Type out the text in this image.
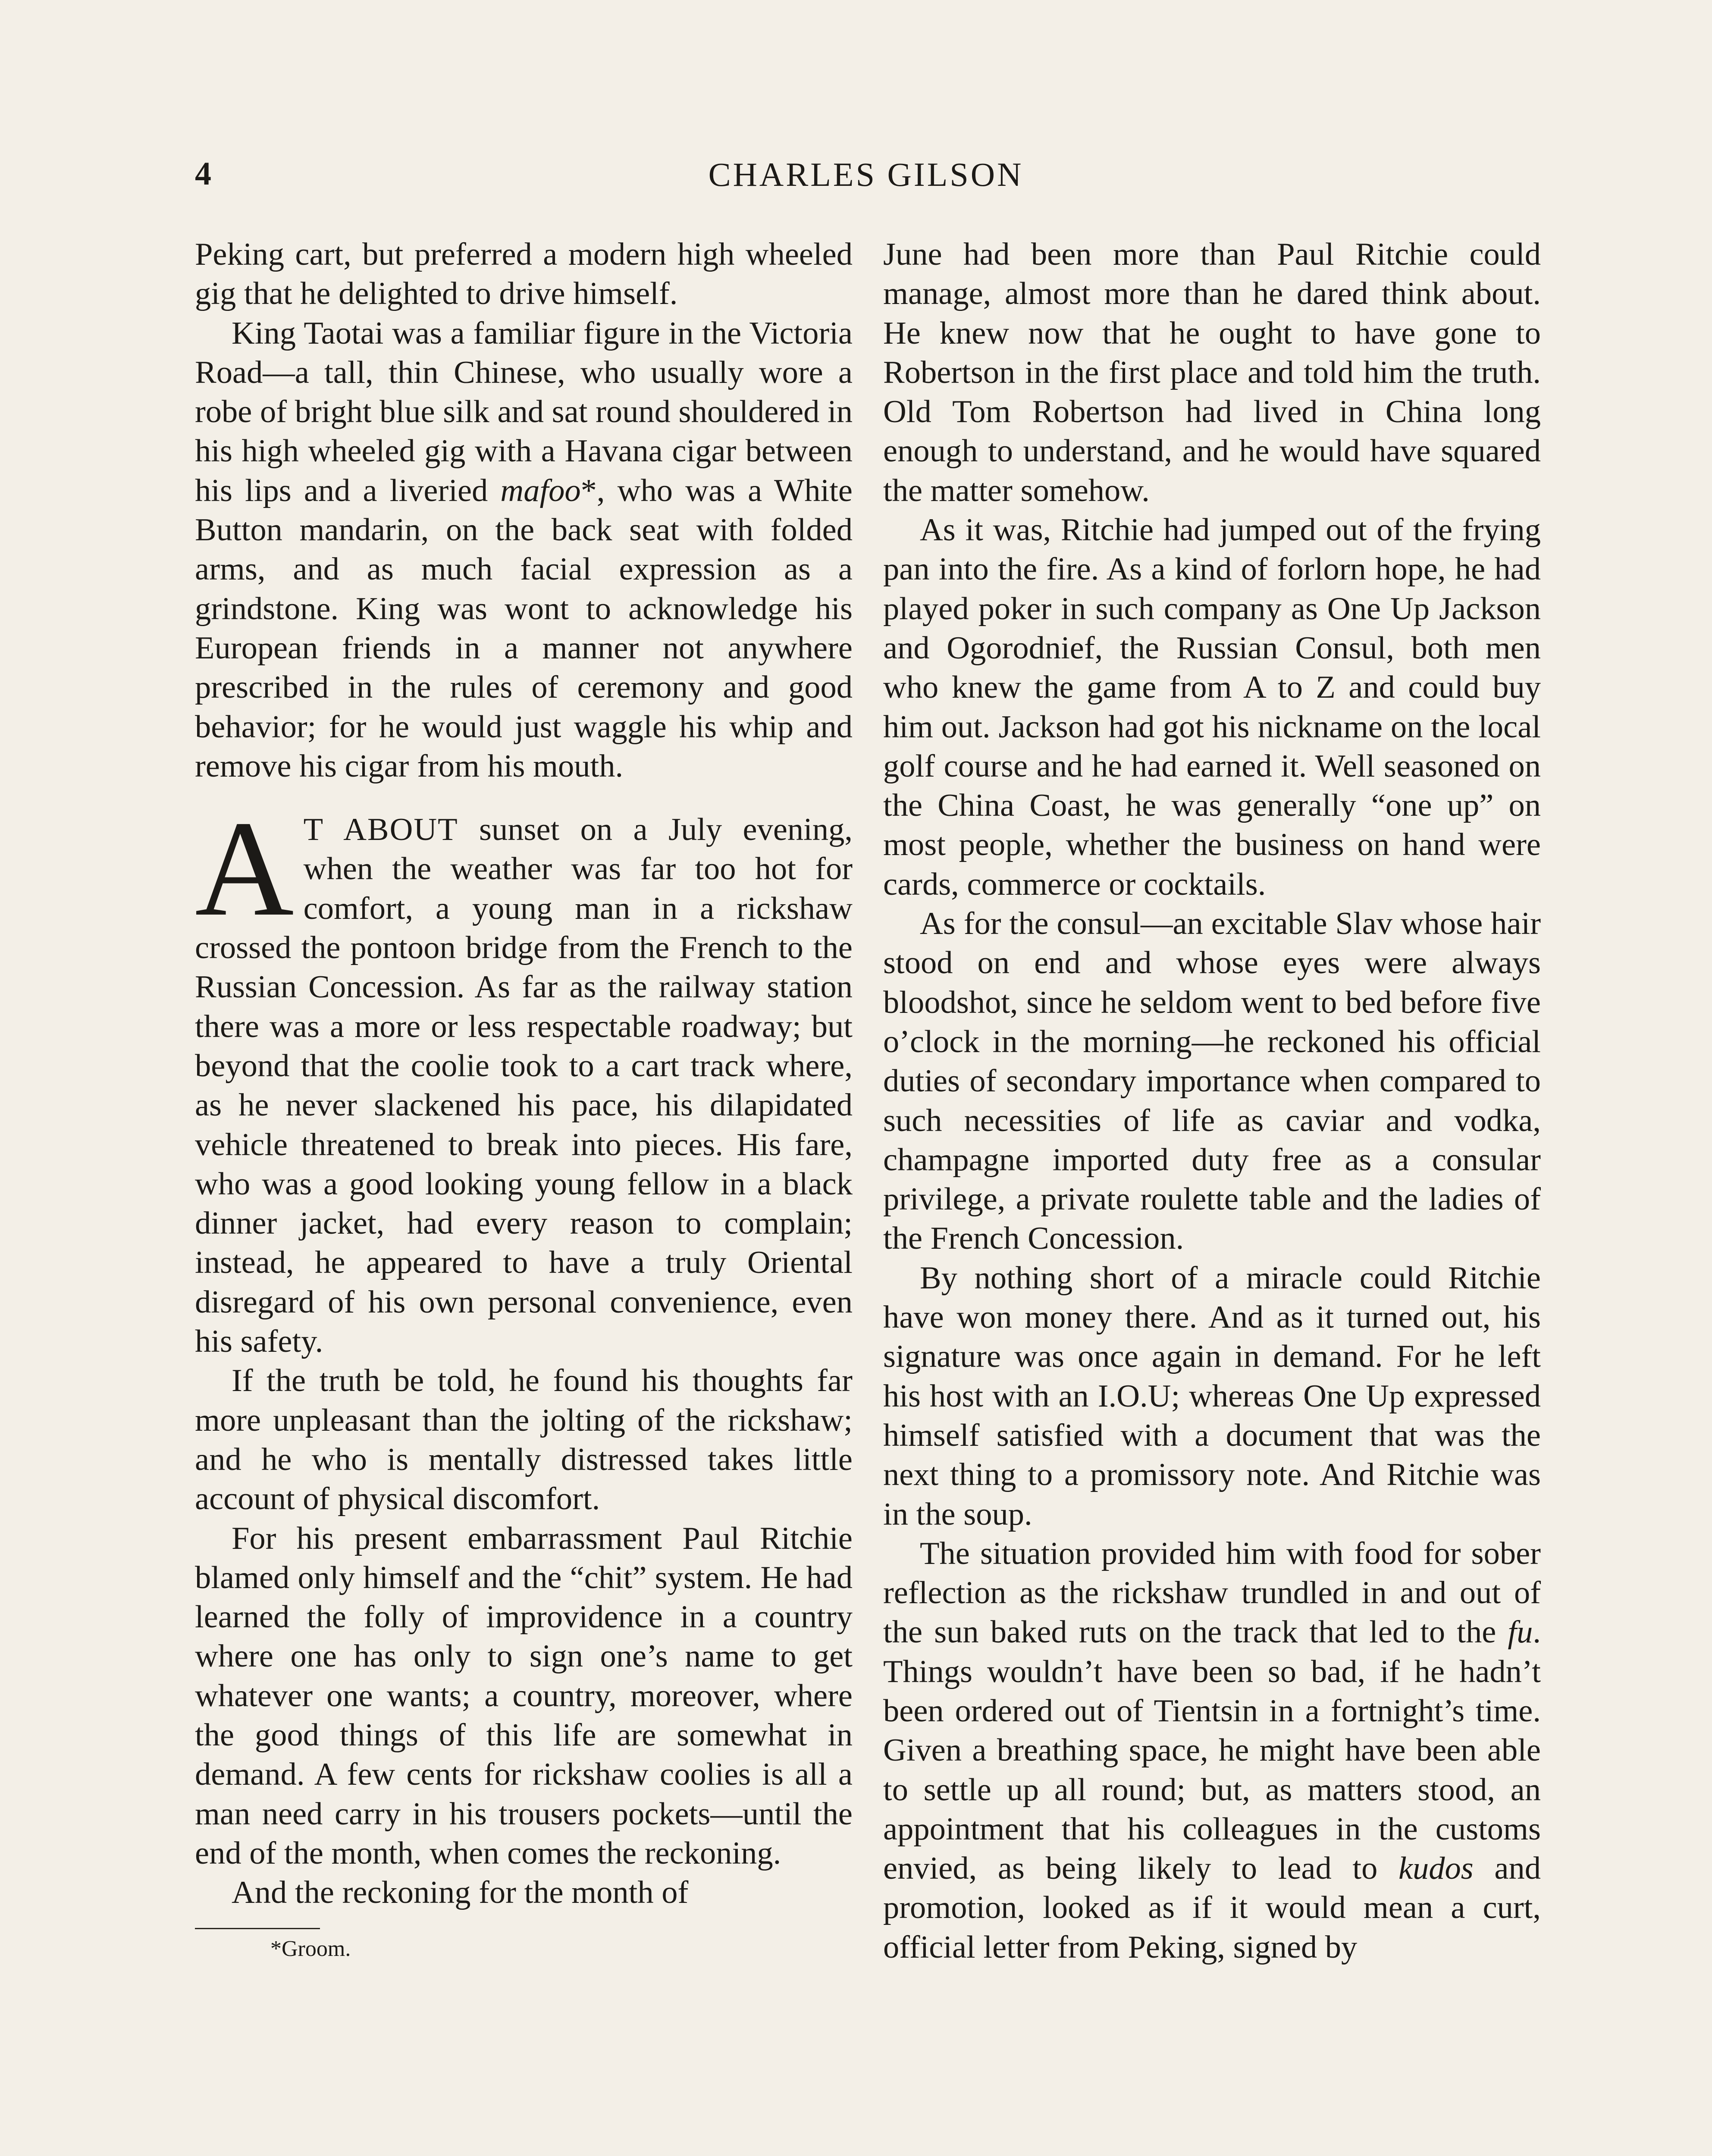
4	CHARLES GILSON

Peking cart, but preferred a modern high wheeled gig that he delighted to drive himself.

King Taotai was a familiar figure in the Victoria Road—a tall, thin Chinese, who usually wore a robe of bright blue silk and sat round shouldered in his high wheeled gig with a Havana cigar between his lips and a liveried mafoo*, who was a White Button mandarin, on the back seat with folded arms, and as much facial expression as a grindstone. King was wont to acknowledge his European friends in a manner not anywhere prescribed in the rules of ceremony and good behavior; for he would just waggle his whip and remove his cigar from his mouth.

A T ABOUT sunset on a July evening, when the weather was far too hot for comfort, a young man in a rickshaw crossed the pontoon bridge from the French to the Russian Concession. As far as the railway station there was a more or less respectable roadway; but beyond that the coolie took to a cart track where, as he never slackened his pace, his dilapidated vehicle threatened to break into pieces. His fare, who was a good looking young fellow in a black dinner jacket, had every reason to complain; instead, he appeared to have a truly Oriental disregard of his own personal convenience, even his safety.

If the truth be told, he found his thoughts far more unpleasant than the jolting of the rickshaw; and he who is mentally distressed takes little account of physical discomfort.

For his present embarrassment Paul Ritchie blamed only himself and the “chit” system. He had learned the folly of improvidence in a country where one has only to sign one’s name to get whatever one wants; a country, moreover, where the good things of this life are somewhat in demand. A few cents for rickshaw coolies is all a man need carry in his trousers pockets—until the end of the month, when comes the reckoning.

And the reckoning for the month of

*Groom.

June had been more than Paul Ritchie could manage, almost more than he dared think about. He knew now that he ought to have gone to Robertson in the first place and told him the truth. Old Tom Robertson had lived in China long enough to understand, and he would have squared the matter somehow.

As it was, Ritchie had jumped out of the frying pan into the fire. As a kind of forlorn hope, he had played poker in such company as One Up Jackson and Ogorodnief, the Russian Consul, both men who knew the game from A to Z and could buy him out. Jackson had got his nickname on the local golf course and he had earned it. Well seasoned on the China Coast, he was generally “one up” on most people, whether the business on hand were cards, commerce or cocktails.

As for the consul—an excitable Slav whose hair stood on end and whose eyes were always bloodshot, since he seldom went to bed before five o’clock in the morning—he reckoned his official duties of secondary importance when compared to such necessities of life as caviar and vodka, champagne imported duty free as a consular privilege, a private roulette table and the ladies of the French Concession.

By nothing short of a miracle could Ritchie have won money there. And as it turned out, his signature was once again in demand. For he left his host with an I.O.U; whereas One Up expressed himself satisfied with a document that was the next thing to a promissory note. And Ritchie was in the soup.

The situation provided him with food for sober reflection as the rickshaw trundled in and out of the sun baked ruts on the track that led to the fu. Things wouldn’t have been so bad, if he hadn’t been ordered out of Tientsin in a fortnight’s time. Given a breathing space, he might have been able to settle up all round; but, as matters stood, an appointment that his colleagues in the customs envied, as being likely to lead to kudos and promotion, looked as if it would mean a curt, official letter from Peking, signed by
